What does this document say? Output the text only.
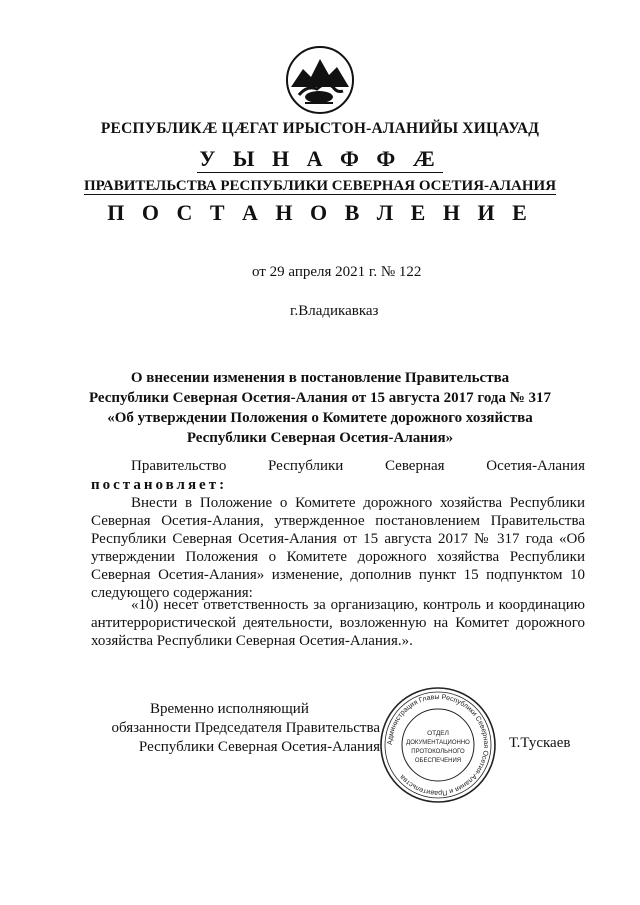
РЕСПУБЛИКÆ ЦÆГАТ ИРЫСТОН-АЛАНИЙЫ ХИЦАУАД
У Ы Н А Ф Ф Æ
ПРАВИТЕЛЬСТВА РЕСПУБЛИКИ СЕВЕРНАЯ ОСЕТИЯ-АЛАНИЯ
П О С Т А Н О В Л Е Н И Е
от 29 апреля 2021 г. № 122
г.Владикавказ
О внесении изменения в постановление Правительства
Республики Северная Осетия-Алания от 15 августа 2017 года № 317
«Об утверждении Положения о Комитете дорожного хозяйства
Республики Северная Осетия-Алания»
Правительство	Республики	Северная	Осетия-Алания
постановляет:
Внести в Положение о Комитете дорожного хозяйства Республики Северная Осетия-Алания, утвержденное постановлением Правительства Республики Северная Осетия-Алания от 15 августа 2017 № 317 года «Об утверждении Положения о Комитете дорожного хозяйства Республики Северная Осетия-Алания» изменение, дополнив пункт 15 подпунктом 10 следующего содержания:
«10) несет ответственность за организацию, контроль и координацию антитеррористической деятельности, возложенную на Комитет дорожного хозяйства Республики Северная Осетия-Алания.».
Временно исполняющий
обязанности Председателя Правительства
Республики Северная Осетия-Алания Администрация Главы Республики Северная Осетия-Алания и Правительства
ОТДЕЛ
ДОКУМЕНТАЦИОННО
ПРОТОКОЛЬНОГО
ОБЕСПЕЧЕНИЯ
Т.Тускаев
